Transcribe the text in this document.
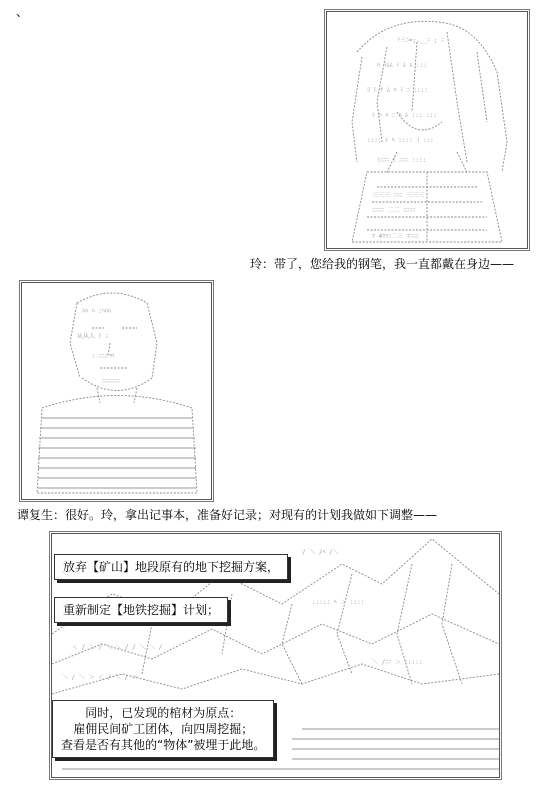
、
ｿ三ﾆ=;.__ﾆ ; ﾆ
ﾊ ﾐﾑﾑ ﾐ ﾑ ﾑ :::
ﾘ ﾄ ﾅ ﾑ ﾊ ﾐ ﾆ ::::
ｼ ﾊ ﾊ ﾆ ﾊ ﾑ ::: :::
:::: ｲ ﾊ :::: ｲ :::
ﾐﾆﾆﾆ ｲ ﾆﾆﾆ ::::
三三三 ﾆﾆﾆ 三三三
ﾆﾆﾆﾆ 二二 ﾆﾆﾆﾆ
ﾏ 4ﾏﾊﾆ二三 ﾏﾆﾆﾆ
玲：带了，您给我的钢笔，我一直都戴在身边——
ﾊﾊ ﾊ :ﾊﾊﾊ
从从人 ﾄ ﾆ
ﾆ ﾆﾆﾆ ﾆ
ﾆﾆﾆﾆﾆﾆ
谭复生：很好。玲，拿出记事本，准备好记录；对现有的计划我做如下调整——
/ ＼ /ﾍ /＼
＜ / ＼ / ＼ ＼ / / ＼ ＼ /
＼ / ＼ ＞ ＜ / ＼ / ＞
::::: ﾍ ＞ ::::
＼ /ﾆﾆ ＞ :::::
放弃【矿山】地段原有的地下挖掘方案，
重新制定【地铁挖掘】计划；
同时，已发现的棺材为原点：
雇佣民间矿工团体，向四周挖掘；
查看是否有其他的“物体”被埋于此地。
